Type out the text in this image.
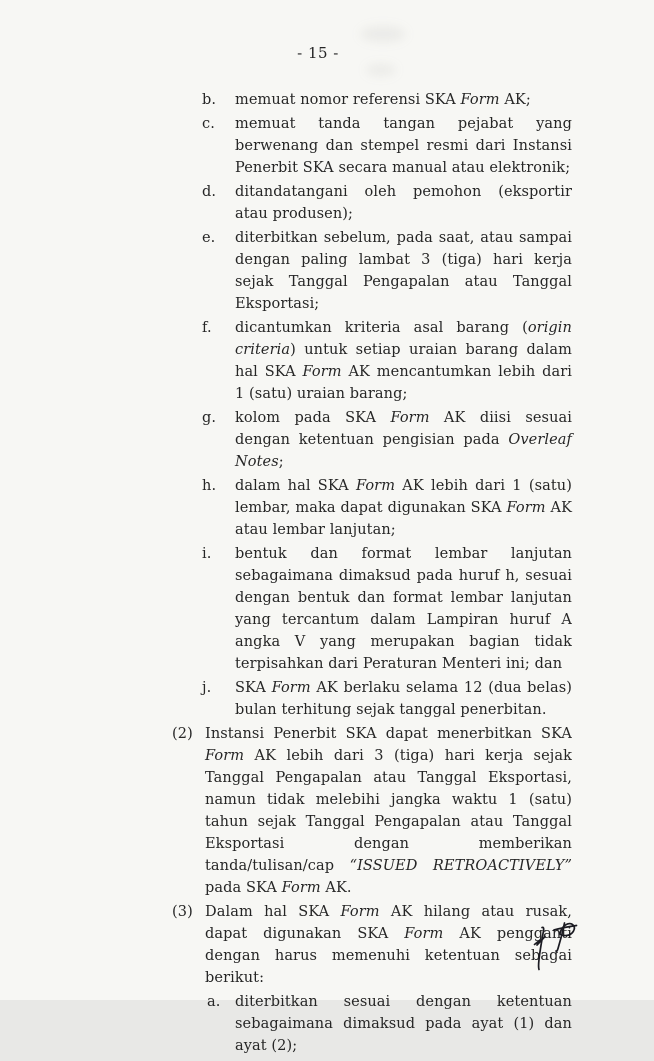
- 15 -
b.	memuat nomor referensi SKA Form AK;
c.	memuat tanda tangan pejabat yang berwenang dan stempel resmi dari Instansi Penerbit SKA secara manual atau elektronik;
d.	ditandatangani oleh pemohon (eksportir atau produsen);
e.	diterbitkan sebelum, pada saat, atau sampai dengan paling lambat 3 (tiga) hari kerja sejak Tanggal Pengapalan atau Tanggal Eksportasi;
f.	dicantumkan kriteria asal barang (origin criteria) untuk setiap uraian barang dalam hal SKA Form AK mencantumkan lebih dari 1 (satu) uraian barang;
g.	kolom pada SKA Form AK diisi sesuai dengan ketentuan pengisian pada Overleaf Notes;
h.	dalam hal SKA Form AK lebih dari 1 (satu) lembar, maka dapat digunakan SKA Form AK atau lembar lanjutan;
i.	bentuk dan format lembar lanjutan sebagaimana dimaksud pada huruf h, sesuai dengan bentuk dan format lembar lanjutan yang tercantum dalam Lampiran huruf A angka V yang merupakan bagian tidak terpisahkan dari Peraturan Menteri ini; dan
j.	SKA Form AK berlaku selama 12 (dua belas) bulan terhitung sejak tanggal penerbitan.
(2) Instansi Penerbit SKA dapat menerbitkan SKA Form AK lebih dari 3 (tiga) hari kerja sejak Tanggal Pengapalan atau Tanggal Eksportasi, namun tidak melebihi jangka waktu 1 (satu) tahun sejak Tanggal Pengapalan atau Tanggal Eksportasi dengan memberikan tanda/tulisan/cap “ISSUED RETROACTIVELY” pada SKA Form AK.
(3) Dalam hal SKA Form AK hilang atau rusak, dapat digunakan SKA Form AK pengganti dengan harus memenuhi ketentuan sebagai berikut:
a.	diterbitkan sesuai dengan ketentuan sebagaimana dimaksud pada ayat (1) dan ayat (2);
